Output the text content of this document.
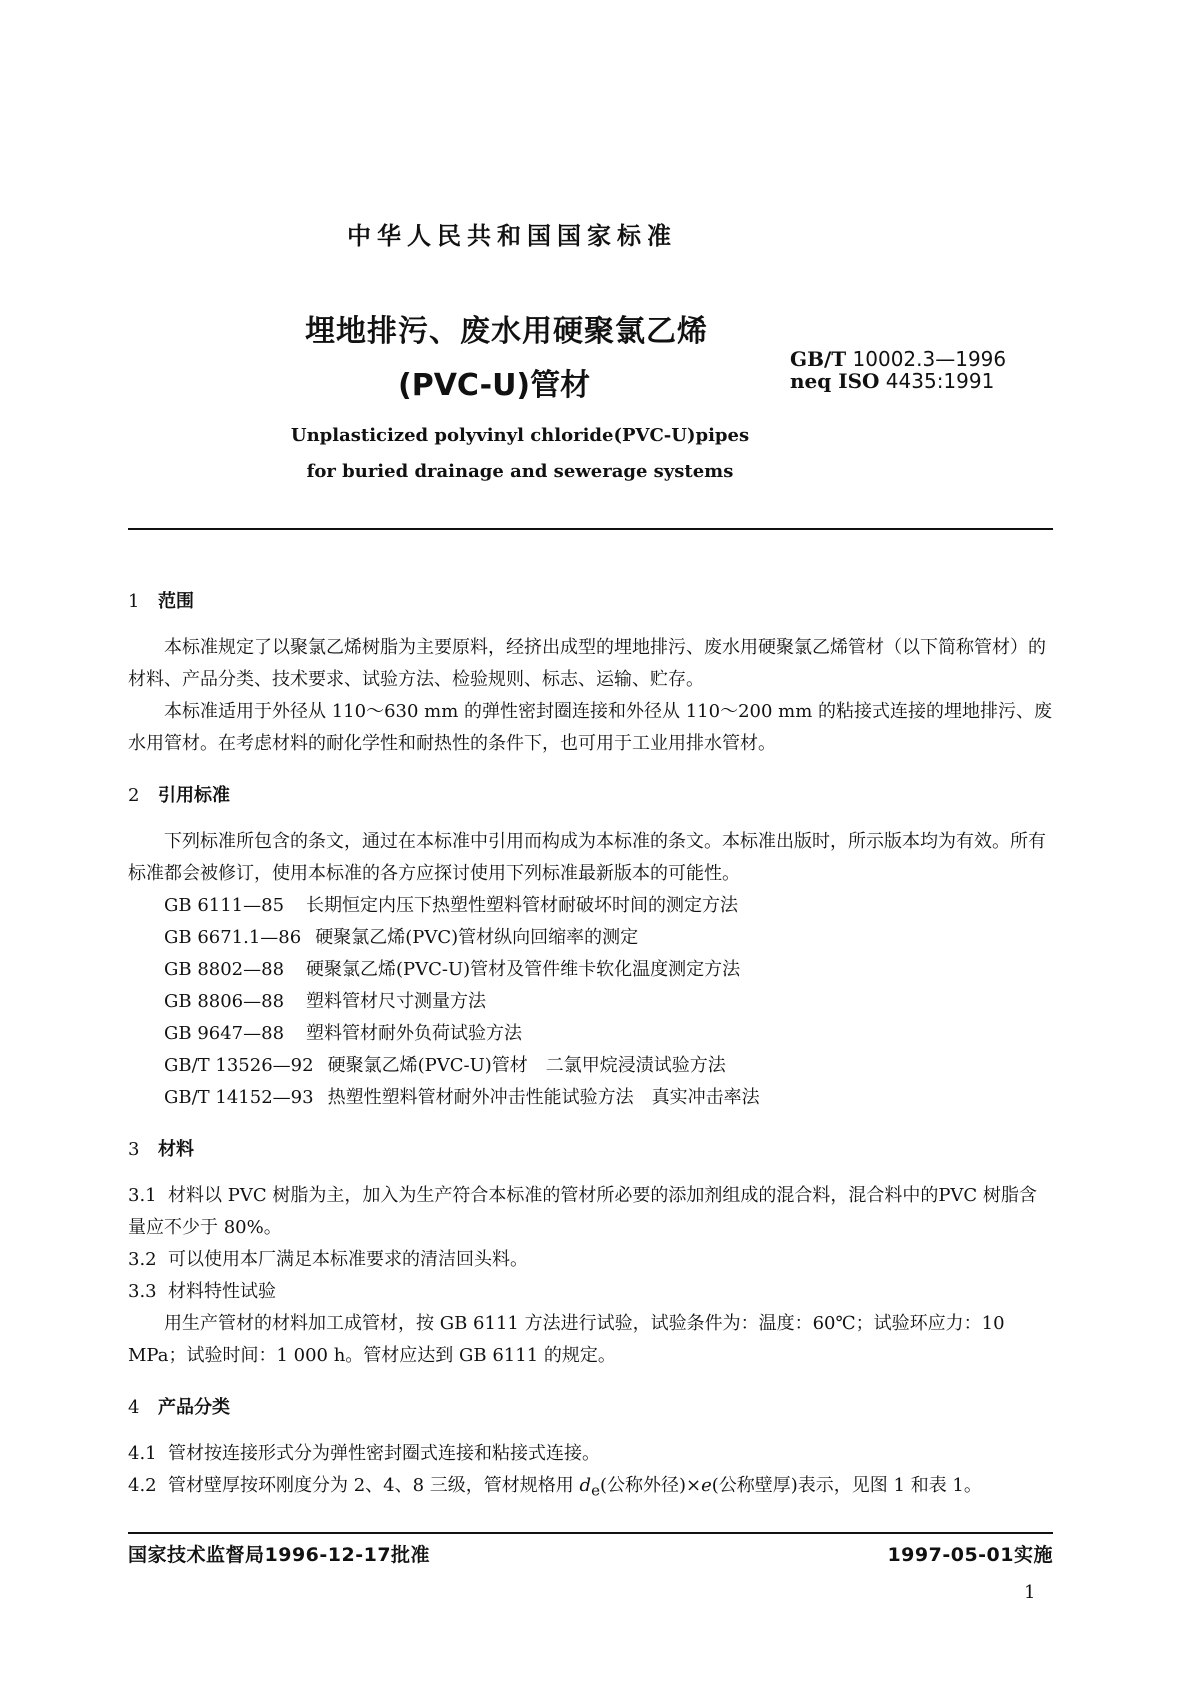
中华人民共和国国家标准
埋地排污、废水用硬聚氯乙烯
(PVC-U)管材
GB/T 10002.3—1996
neq ISO 4435:1991
Unplasticized polyvinyl chloride(PVC-U)pipes
for buried drainage and sewerage systems
1 范围

本标准规定了以聚氯乙烯树脂为主要原料，经挤出成型的埋地排污、废水用硬聚氯乙烯管材（以下简称管材）的材料、产品分类、技术要求、试验方法、检验规则、标志、运输、贮存。

本标准适用于外径从 110～630 mm 的弹性密封圈连接和外径从 110～200 mm 的粘接式连接的埋地排污、废水用管材。在考虑材料的耐化学性和耐热性的条件下，也可用于工业用排水管材。

2 引用标准

下列标准所包含的条文，通过在本标准中引用而构成为本标准的条文。本标准出版时，所示版本均为有效。所有标准都会被修订，使用本标准的各方应探讨使用下列标准最新版本的可能性。

GB 6111—85 长期恒定内压下热塑性塑料管材耐破坏时间的测定方法
GB 6671.1—86 硬聚氯乙烯(PVC)管材纵向回缩率的测定
GB 8802—88 硬聚氯乙烯(PVC-U)管材及管件维卡软化温度测定方法
GB 8806—88 塑料管材尺寸测量方法
GB 9647—88 塑料管材耐外负荷试验方法
GB/T 13526—92 硬聚氯乙烯(PVC-U)管材　二氯甲烷浸渍试验方法
GB/T 14152—93 热塑性塑料管材耐外冲击性能试验方法　真实冲击率法
3 材料

3.1 材料以 PVC 树脂为主，加入为生产符合本标准的管材所必要的添加剂组成的混合料，混合料中的PVC 树脂含量应不少于 80%。

3.2 可以使用本厂满足本标准要求的清洁回头料。

3.3 材料特性试验

用生产管材的材料加工成管材，按 GB 6111 方法进行试验，试验条件为：温度：60℃；试验环应力：10 MPa；试验时间：1 000 h。管材应达到 GB 6111 的规定。

4 产品分类

4.1 管材按连接形式分为弹性密封圈式连接和粘接式连接。

4.2 管材壁厚按环刚度分为 2、4、8 三级，管材规格用 $d_e$(公称外径)×e(公称壁厚)表示，见图 1 和表 1。

国家技术监督局1996-12-17批准	1997-05-01实施
1
